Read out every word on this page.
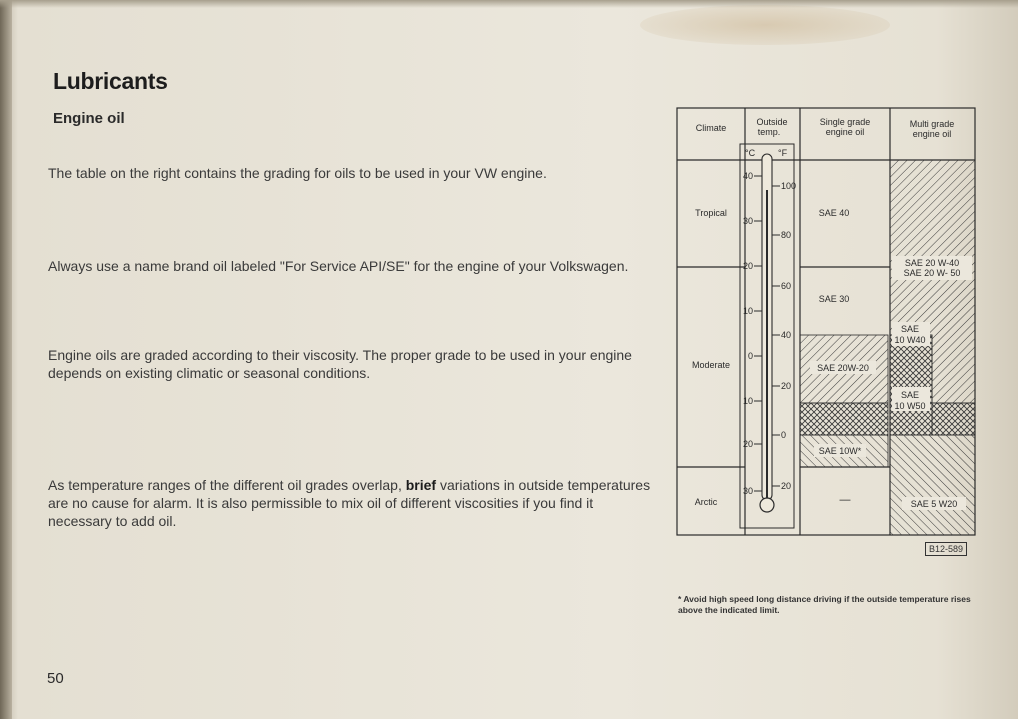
Lubricants
Engine oil
The table on the right contains the grading for oils to be used in your VW engine.
Always use a name brand oil labeled "For Service API/SE" for the engine of your Volkswagen.
Engine oils are graded according to their viscosity. The proper grade to be used in your engine depends on existing climatic or seasonal conditions.
As temperature ranges of the different oil grades overlap, brief variations in outside temperatures are no cause for alarm. It is also permissible to mix oil of different viscosities if you find it necessary to add oil.
50
Climate
Outside
temp.
Single grade
engine oil
Multi grade
engine oil
Tropical
Moderate
Arctic
°C	°F
40
30
20
10
0
10
20
30
100
80
60
40
20
0
20
SAE 40
SAE 30
SAE 20W-20
SAE 10W*
—
SAE 20 W-40
SAE 20 W- 50
SAE
10 W40
SAE
10 W50
SAE 5 W20
B12-589
* Avoid high speed long distance driving if the outside temperature rises above the indicated limit.
